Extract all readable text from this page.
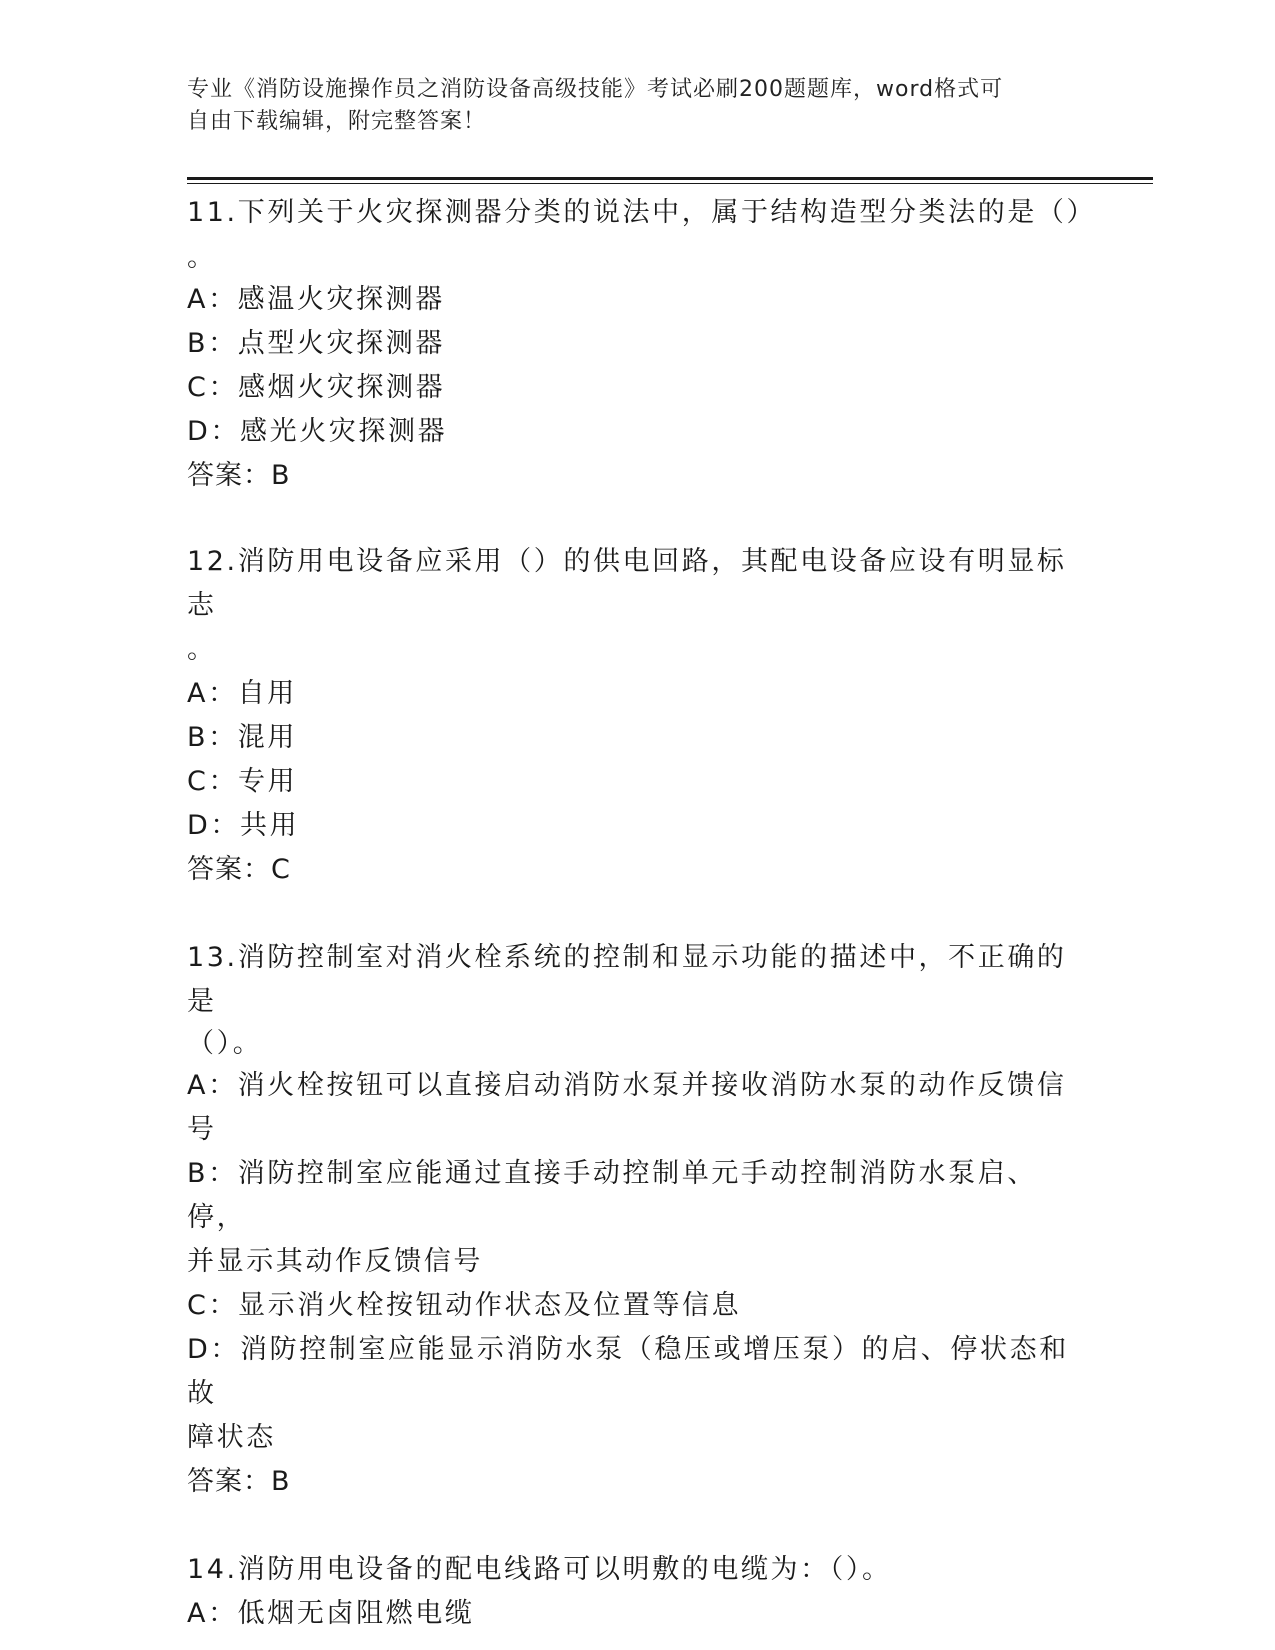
专业《消防设施操作员之消防设备高级技能》考试必刷200题题库，word格式可
自由下载编辑，附完整答案！

11.下列关于火灾探测器分类的说法中，属于结构造型分类法的是（）

。

A：感温火灾探测器

B：点型火灾探测器

C：感烟火灾探测器

D：感光火灾探测器

答案：B

12.消防用电设备应采用（）的供电回路，其配电设备应设有明显标志

。

A：自用

B：混用

C：专用

D：共用

答案：C

13.消防控制室对消火栓系统的控制和显示功能的描述中，不正确的是

（）。

A：消火栓按钮可以直接启动消防水泵并接收消防水泵的动作反馈信号

B：消防控制室应能通过直接手动控制单元手动控制消防水泵启、停，

并显示其动作反馈信号

C：显示消火栓按钮动作状态及位置等信息

D：消防控制室应能显示消防水泵（稳压或增压泵）的启、停状态和故

障状态

答案：B

14.消防用电设备的配电线路可以明敷的电缆为：（）。

A：低烟无卤阻燃电缆
